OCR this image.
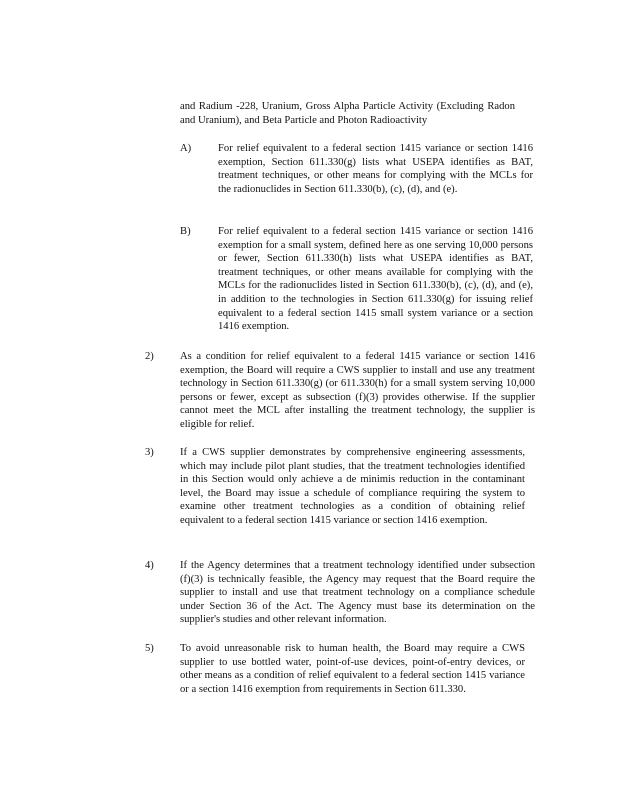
and Radium -228, Uranium, Gross Alpha Particle Activity (Excluding Radon and Uranium), and Beta Particle and Photon Radioactivity
A)	For relief equivalent to a federal section 1415 variance or section 1416 exemption, Section 611.330(g) lists what USEPA identifies as BAT, treatment techniques, or other means for complying with the MCLs for the radionuclides in Section 611.330(b), (c), (d), and (e).
B)	For relief equivalent to a federal section 1415 variance or section 1416 exemption for a small system, defined here as one serving 10,000 persons or fewer, Section 611.330(h) lists what USEPA identifies as BAT, treatment techniques, or other means available for complying with the MCLs for the radionuclides listed in Section 611.330(b), (c), (d), and (e), in addition to the technologies in Section 611.330(g) for issuing relief equivalent to a federal section 1415 small system variance or a section 1416 exemption.
2) As a condition for relief equivalent to a federal 1415 variance or section 1416 exemption, the Board will require a CWS supplier to install and use any treatment technology in Section 611.330(g) (or 611.330(h) for a small system serving 10,000 persons or fewer, except as subsection (f)(3) provides otherwise. If the supplier cannot meet the MCL after installing the treatment technology, the supplier is eligible for relief.
3) If a CWS supplier demonstrates by comprehensive engineering assessments, which may include pilot plant studies, that the treatment technologies identified in this Section would only achieve a de minimis reduction in the contaminant level, the Board may issue a schedule of compliance requiring the system to examine other treatment technologies as a condition of obtaining relief equivalent to a federal section 1415 variance or section 1416 exemption.
4) If the Agency determines that a treatment technology identified under subsection (f)(3) is technically feasible, the Agency may request that the Board require the supplier to install and use that treatment technology on a compliance schedule under Section 36 of the Act. The Agency must base its determination on the supplier's studies and other relevant information.
5) To avoid unreasonable risk to human health, the Board may require a CWS supplier to use bottled water, point-of-use devices, point-of-entry devices, or other means as a condition of relief equivalent to a federal section 1415 variance or a section 1416 exemption from requirements in Section 611.330.
